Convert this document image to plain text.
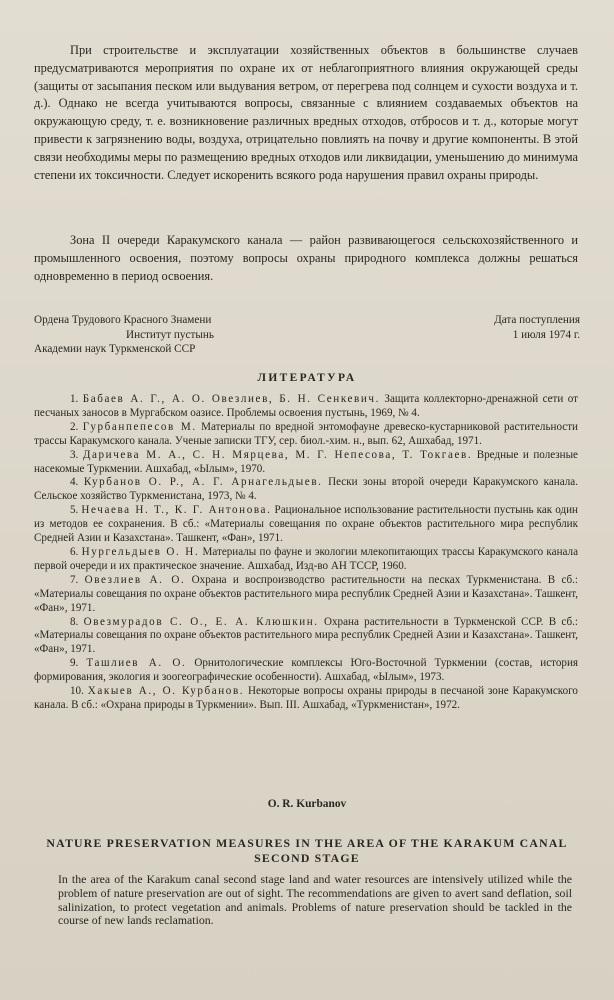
При строительстве и эксплуатации хозяйственных объектов в большинстве случаев предусматриваются мероприятия по охране их от неблагоприятного влияния окружающей среды (защиты от засыпания песком или выдувания ветром, от перегрева под солнцем и сухости воздуха и т. д.). Однако не всегда учитываются вопросы, связанные с влиянием создаваемых объектов на окружающую среду, т. е. возникновение различных вредных отходов, отбросов и т. д., которые могут привести к загрязнению воды, воздуха, отрицательно повлиять на почву и другие компоненты. В этой связи необходимы меры по размещению вредных отходов или ликвидации, уменьшению до минимума степени их токсичности. Следует искоренить всякого рода нарушения правил охраны природы.

Зона II очереди Каракумского канала — район развивающегося сельскохозяйственного и промышленного освоения, поэтому вопросы охраны природного комплекса должны решаться одновременно в период освоения.

Ордена Трудового Красного Знамени
Институт пустынь
Академии наук Туркменской ССР
Дата поступления
1 июля 1974 г.
ЛИТЕРАТУРА
1. Бабаев А. Г., А. О. Овезлиев, Б. Н. Сенкевич. Защита коллекторно-дренажной сети от песчаных заносов в Мургабском оазисе. Проблемы освоения пустынь, 1969, № 4.
2. Гурбанпепесов М. Материалы по вредной энтомофауне древеско-кустарниковой растительности трассы Каракумского канала. Ученые записки ТГУ, сер. биол.-хим. н., вып. 62, Ашхабад, 1971.
3. Даричева М. А., С. Н. Мярцева, М. Г. Непесова, Т. Токгаев. Вредные и полезные насекомые Туркмении. Ашхабад, «Ылым», 1970.
4. Курбанов О. Р., А. Г. Арнагельдыев. Пески зоны второй очереди Каракумского канала. Сельское хозяйство Туркменистана, 1973, № 4.
5. Нечаева Н. Т., К. Г. Антонова. Рациональное использование растительности пустынь как один из методов ее сохранения. В сб.: «Материалы совещания по охране объектов растительного мира республик Средней Азии и Казахстана». Ташкент, «Фан», 1971.
6. Нургельдыев О. Н. Материалы по фауне и экологии млекопитающих трассы Каракумского канала первой очереди и их практическое значение. Ашхабад, Изд-во АН ТССР, 1960.
7. Овезлиев А. О. Охрана и воспроизводство растительности на песках Туркменистана. В сб.: «Материалы совещания по охране объектов растительного мира республик Средней Азии и Казахстана». Ташкент, «Фан», 1971.
8. Овезмурадов С. О., Е. А. Клюшкин. Охрана растительности в Туркменской ССР. В сб.: «Материалы совещания по охране объектов растительного мира республик Средней Азии и Казахстана». Ташкент, «Фан», 1971.
9. Ташлиев А. О. Орнитологические комплексы Юго-Восточной Туркмении (состав, история формирования, экология и зоогеографические особенности). Ашхабад, «Ылым», 1973.
10. Хакыев А., О. Курбанов. Некоторые вопросы охраны природы в песчаной зоне Каракумского канала. В сб.: «Охрана природы в Туркмении». Вып. III. Ашхабад, «Туркменистан», 1972.
O. R. Kurbanov
NATURE PRESERVATION MEASURES IN THE AREA OF THE KARAKUM CANAL
SECOND STAGE

In the area of the Karakum canal second stage land and water resources are intensively utilized while the problem of nature preservation are out of sight. The recommendations are given to avert sand deflation, soil salinization, to protect vegetation and animals. Problems of nature preservation should be tackled in the course of new lands reclamation.
